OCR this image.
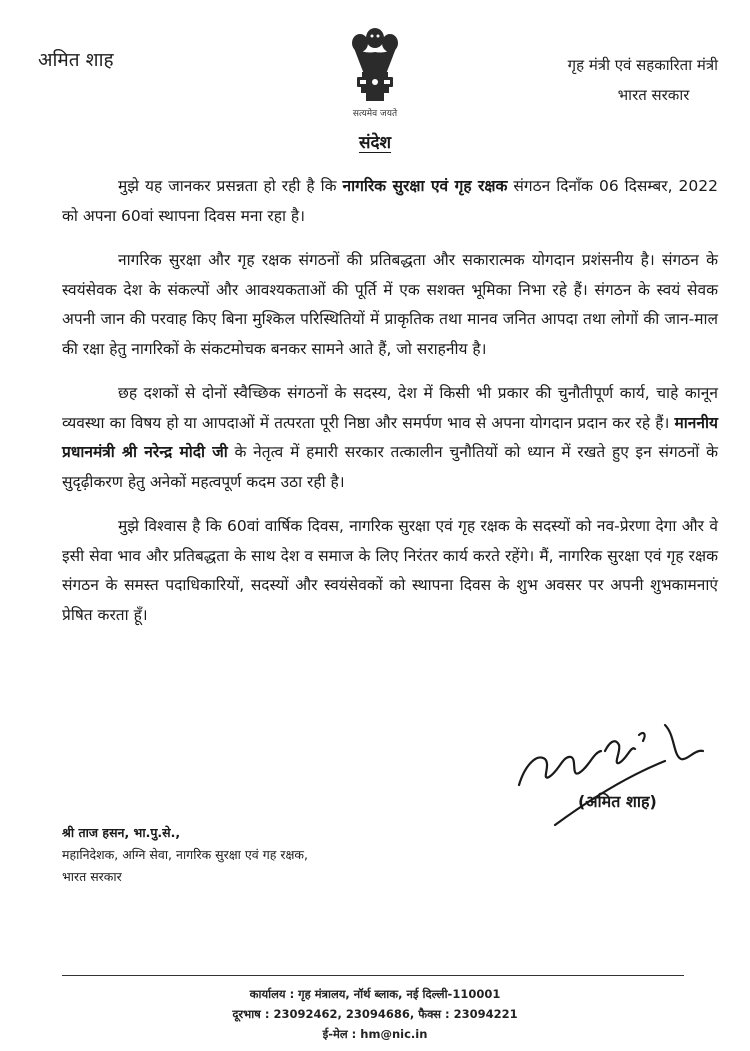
अमित शाह
सत्यमेव जयते
गृह मंत्री एवं सहकारिता मंत्री
भारत सरकार
संदेश

मुझे यह जानकर प्रसन्नता हो रही है कि नागरिक सुरक्षा एवं गृह रक्षक संगठन दिनाँक 06 दिसम्बर, 2022 को अपना 60वां स्थापना दिवस मना रहा है।

नागरिक सुरक्षा और गृह रक्षक संगठनों की प्रतिबद्धता और सकारात्मक योगदान प्रशंसनीय है। संगठन के स्वयंसेवक देश के संकल्पों और आवश्यकताओं की पूर्ति में एक सशक्त भूमिका निभा रहे हैं। संगठन के स्वयं सेवक अपनी जान की परवाह किए बिना मुश्किल परिस्थितियों में प्राकृतिक तथा मानव जनित आपदा तथा लोगों की जान-माल की रक्षा हेतु नागरिकों के संकटमोचक बनकर सामने आते हैं, जो सराहनीय है।

छह दशकों से दोनों स्वैच्छिक संगठनों के सदस्य, देश में किसी भी प्रकार की चुनौतीपूर्ण कार्य, चाहे कानून व्यवस्था का विषय हो या आपदाओं में तत्परता पूरी निष्ठा और समर्पण भाव से अपना योगदान प्रदान कर रहे हैं। माननीय प्रधानमंत्री श्री नरेन्द्र मोदी जी के नेतृत्व में हमारी सरकार तत्कालीन चुनौतियों को ध्यान में रखते हुए इन संगठनों के सुदृढ़ीकरण हेतु अनेकों महत्वपूर्ण कदम उठा रही है।

मुझे विश्वास है कि 60वां वार्षिक दिवस, नागरिक सुरक्षा एवं गृह रक्षक के सदस्यों को नव-प्रेरणा देगा और वे इसी सेवा भाव और प्रतिबद्धता के साथ देश व समाज के लिए निरंतर कार्य करते रहेंगे। मैं, नागरिक सुरक्षा एवं गृह रक्षक संगठन के समस्त पदाधिकारियों, सदस्यों और स्वयंसेवकों को स्थापना दिवस के शुभ अवसर पर अपनी शुभकामनाएं प्रेषित करता हूँ।

(अमित शाह)
श्री ताज हसन, भा.पु.से.,
महानिदेशक, अग्नि सेवा, नागरिक सुरक्षा एवं गह रक्षक,
भारत सरकार
कार्यालय : गृह मंत्रालय, नॉर्थ ब्लाक, नई दिल्ली-110001
दूरभाष : 23092462, 23094686, फैक्स : 23094221
ई-मेल : hm@nic.in
